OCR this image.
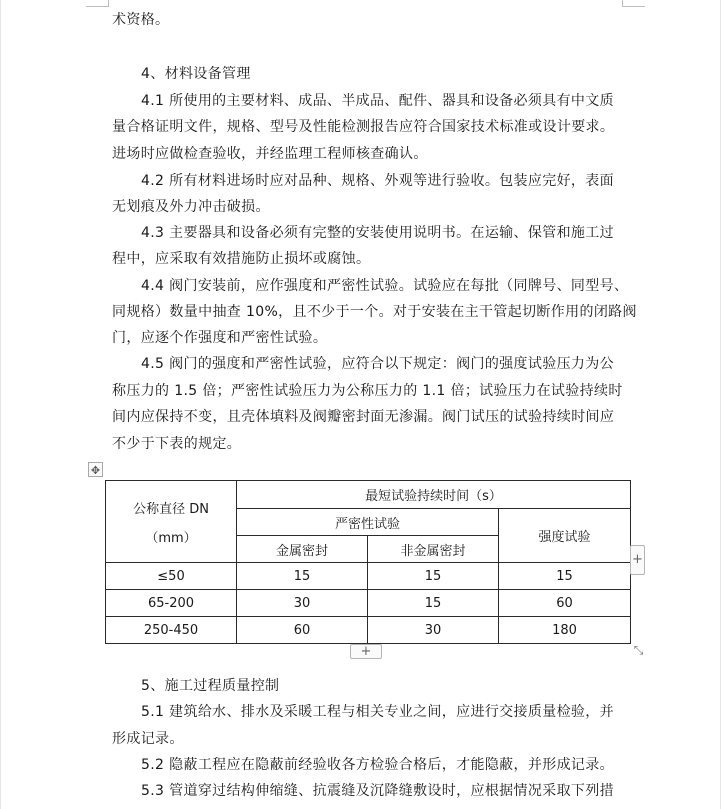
术资格。
4、材料设备管理
4.1 所使用的主要材料、成品、半成品、配件、器具和设备必须具有中文质
量合格证明文件，规格、型号及性能检测报告应符合国家技术标准或设计要求。
进场时应做检查验收，并经监理工程师核查确认。
4.2 所有材料进场时应对品种、规格、外观等进行验收。包装应完好，表面
无划痕及外力冲击破损。
4.3 主要器具和设备必须有完整的安装使用说明书。在运输、保管和施工过
程中，应采取有效措施防止损坏或腐蚀。
4.4 阀门安装前，应作强度和严密性试验。试验应在每批（同牌号、同型号、
同规格）数量中抽查 10%，且不少于一个。对于安装在主干管起切断作用的闭路阀
门，应逐个作强度和严密性试验。
4.5 阀门的强度和严密性试验，应符合以下规定：阀门的强度试验压力为公
称压力的 1.5 倍；严密性试验压力为公称压力的 1.1 倍；试验压力在试验持续时
间内应保持不变，且壳体填料及阀瓣密封面无渗漏。阀门试压的试验持续时间应
不少于下表的规定。
✥
公称直径 DN
（mm）	最短试验持续时间（s）		
	严密性试验		强度试验
	金属密封	非金属密封	
≤50	15	15	15
65-200	30	15	60
250-450	60	30	180
+
+	⤡
5、施工过程质量控制
5.1 建筑给水、排水及采暖工程与相关专业之间，应进行交接质量检验，并
形成记录。
5.2 隐蔽工程应在隐蔽前经验收各方检验合格后，才能隐蔽，并形成记录。
5.3 管道穿过结构伸缩缝、抗震缝及沉降缝敷设时，应根据情况采取下列措
